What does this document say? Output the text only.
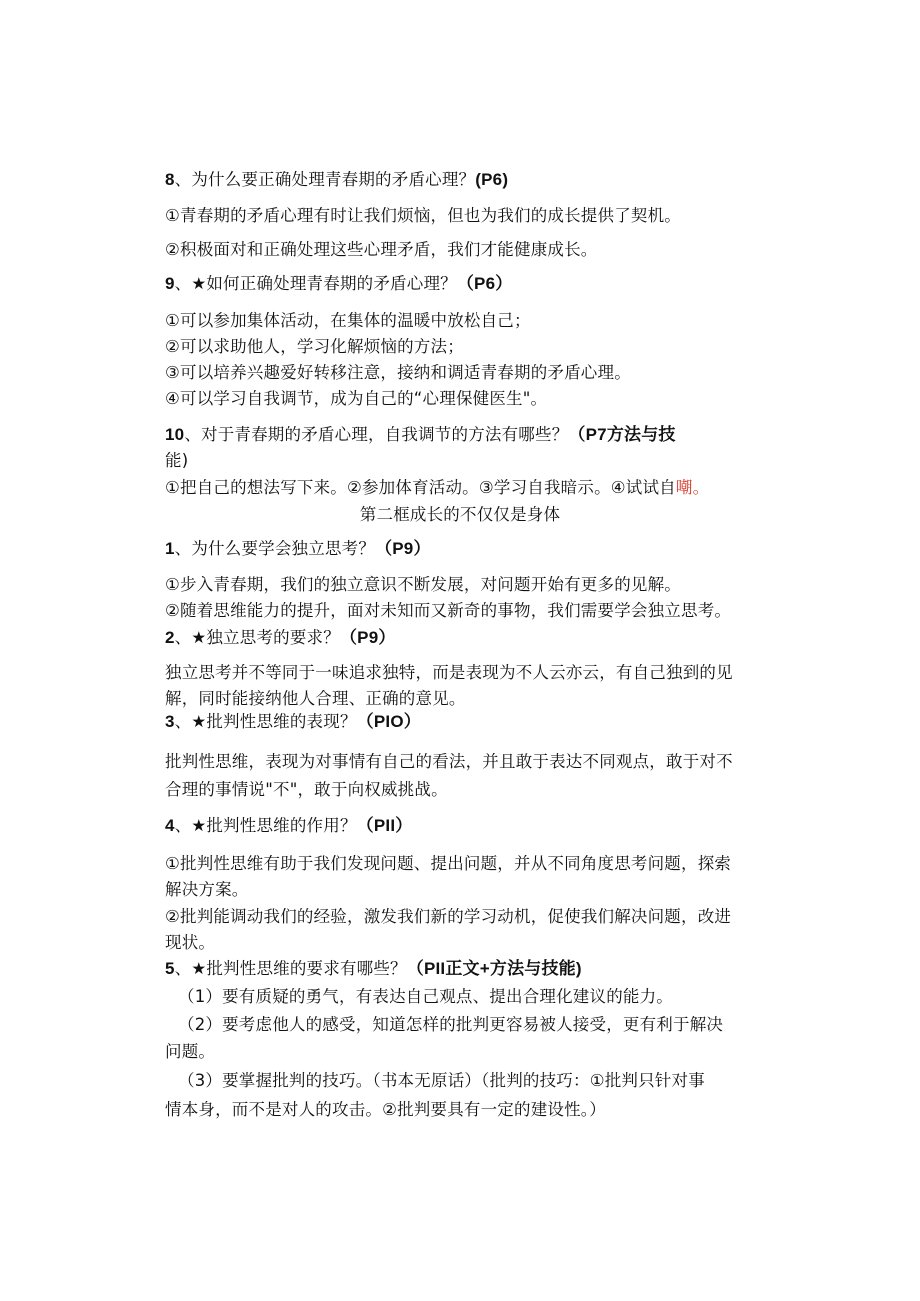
8、为什么要正确处理青春期的矛盾心理？(P6)
①青春期的矛盾心理有时让我们烦恼，但也为我们的成长提供了契机。
②积极面对和正确处理这些心理矛盾，我们才能健康成长。
9、★如何正确处理青春期的矛盾心理？（P6）
①可以参加集体活动，在集体的温暖中放松自己；
②可以求助他人，学习化解烦恼的方法；
③可以培养兴趣爱好转移注意，接纳和调适青春期的矛盾心理。
④可以学习自我调节，成为自己的“心理保健医生"。
10、对于青春期的矛盾心理，自我调节的方法有哪些？（P7方法与技
能)
①把自己的想法写下来。②参加体育活动。③学习自我暗示。④试试自嘲。
第二框成长的不仅仅是身体
1、为什么要学会独立思考？（P9）
①步入青春期，我们的独立意识不断发展，对问题开始有更多的见解。
②随着思维能力的提升，面对未知而又新奇的事物，我们需要学会独立思考。
2、★独立思考的要求？（P9）
独立思考并不等同于一味追求独特，而是表现为不人云亦云，有自己独到的见
解，同时能接纳他人合理、正确的意见。
3、★批判性思维的表现？（PIO）
批判性思维，表现为对事情有自己的看法，并且敢于表达不同观点，敢于对不
合理的事情说"不"，敢于向权威挑战。
4、★批判性思维的作用？（PII）
①批判性思维有助于我们发现问题、提出问题，并从不同角度思考问题，探索
解决方案。
②批判能调动我们的经验，激发我们新的学习动机，促使我们解决问题，改进
现状。
5、★批判性思维的要求有哪些？（PII正文+方法与技能)
（1）要有质疑的勇气，有表达自己观点、提出合理化建议的能力。
（2）要考虑他人的感受，知道怎样的批判更容易被人接受，更有利于解决
问题。
（3）要掌握批判的技巧。（书本无原话）（批判的技巧：①批判只针对事
情本身，而不是对人的攻击。②批判要具有一定的建设性。）
